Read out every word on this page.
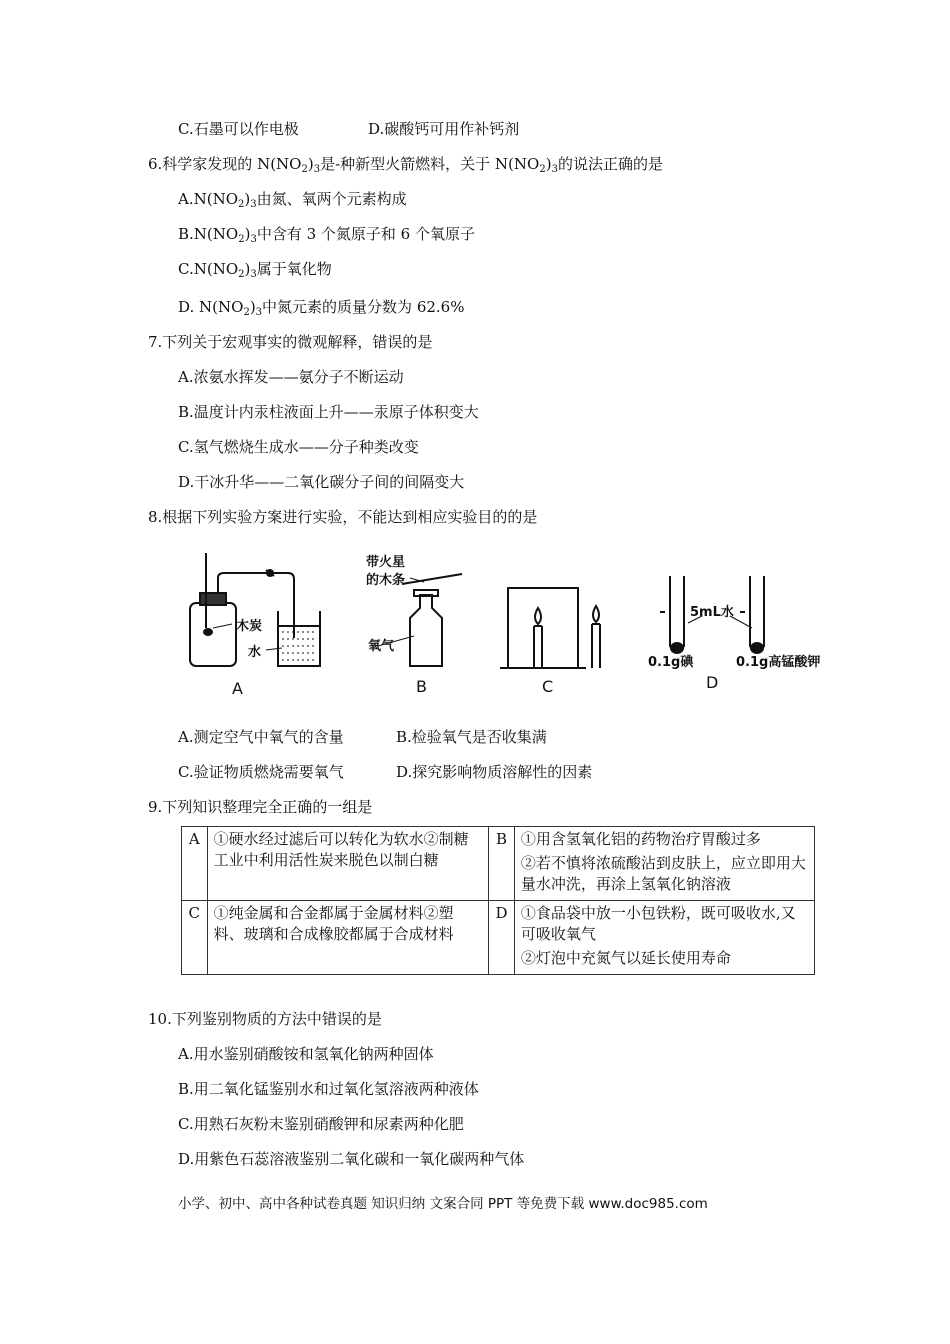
C.石墨可以作电极	D.碳酸钙可用作补钙剂
6.科学家发现的 $N(NO_2)_3$是-种新型火箭燃料，关于 $N(NO_2)_3$的说法正确的是
$A.N(NO_2)_3$由氮、氧两个元素构成
$B.N(NO_2)_3$中含有 3 个氮原子和 6 个氧原子
$C.N(NO_2)_3$属于氧化物
D. $N(NO_2)_3$中氮元素的质量分数为 62.6%
7.下列关于宏观事实的微观解释，错误的是
A.浓氨水挥发——氨分子不断运动
B.温度计内汞柱液面上升——汞原子体积变大
C.氢气燃烧生成水——分子种类改变
D.干冰升华——二氧化碳分子间的间隔变大
8.根据下列实验方案进行实验，不能达到相应实验目的的是
木炭
水
带火星
的木条
氧气
5mL水
0.1g碘	0.1g高锰酸钾
A	B	C	D
A.测定空气中氧气的含量	B.检验氧气是否收集满
C.验证物质燃烧需要氧气	D.探究影响物质溶解性的因素
9.下列知识整理完全正确的一组是
A	①硬水经过滤后可以转化为软水②制糖工业中利用活性炭来脱色以制白糖	B	①用含氢氧化铝的药物治疗胃酸过多

②若不慎将浓硫酸沾到皮肤上，应立即用大量水冲洗，再涂上氢氧化钠溶液

C	①纯金属和合金都属于金属材料②塑料、玻璃和合成橡胶都属于合成材料	D	①食品袋中放一小包铁粉，既可吸收水,又可吸收氧气

②灯泡中充氮气以延长使用寿命

10.下列鉴别物质的方法中错误的是
A.用水鉴别硝酸铵和氢氧化钠两种固体
B.用二氧化锰鉴别水和过氧化氢溶液两种液体
C.用熟石灰粉末鉴别硝酸钾和尿素两种化肥
D.用紫色石蕊溶液鉴别二氧化碳和一氧化碳两种气体
小学、初中、高中各种试卷真题 知识归纳 文案合同 PPT 等免费下载 www.doc985.com
